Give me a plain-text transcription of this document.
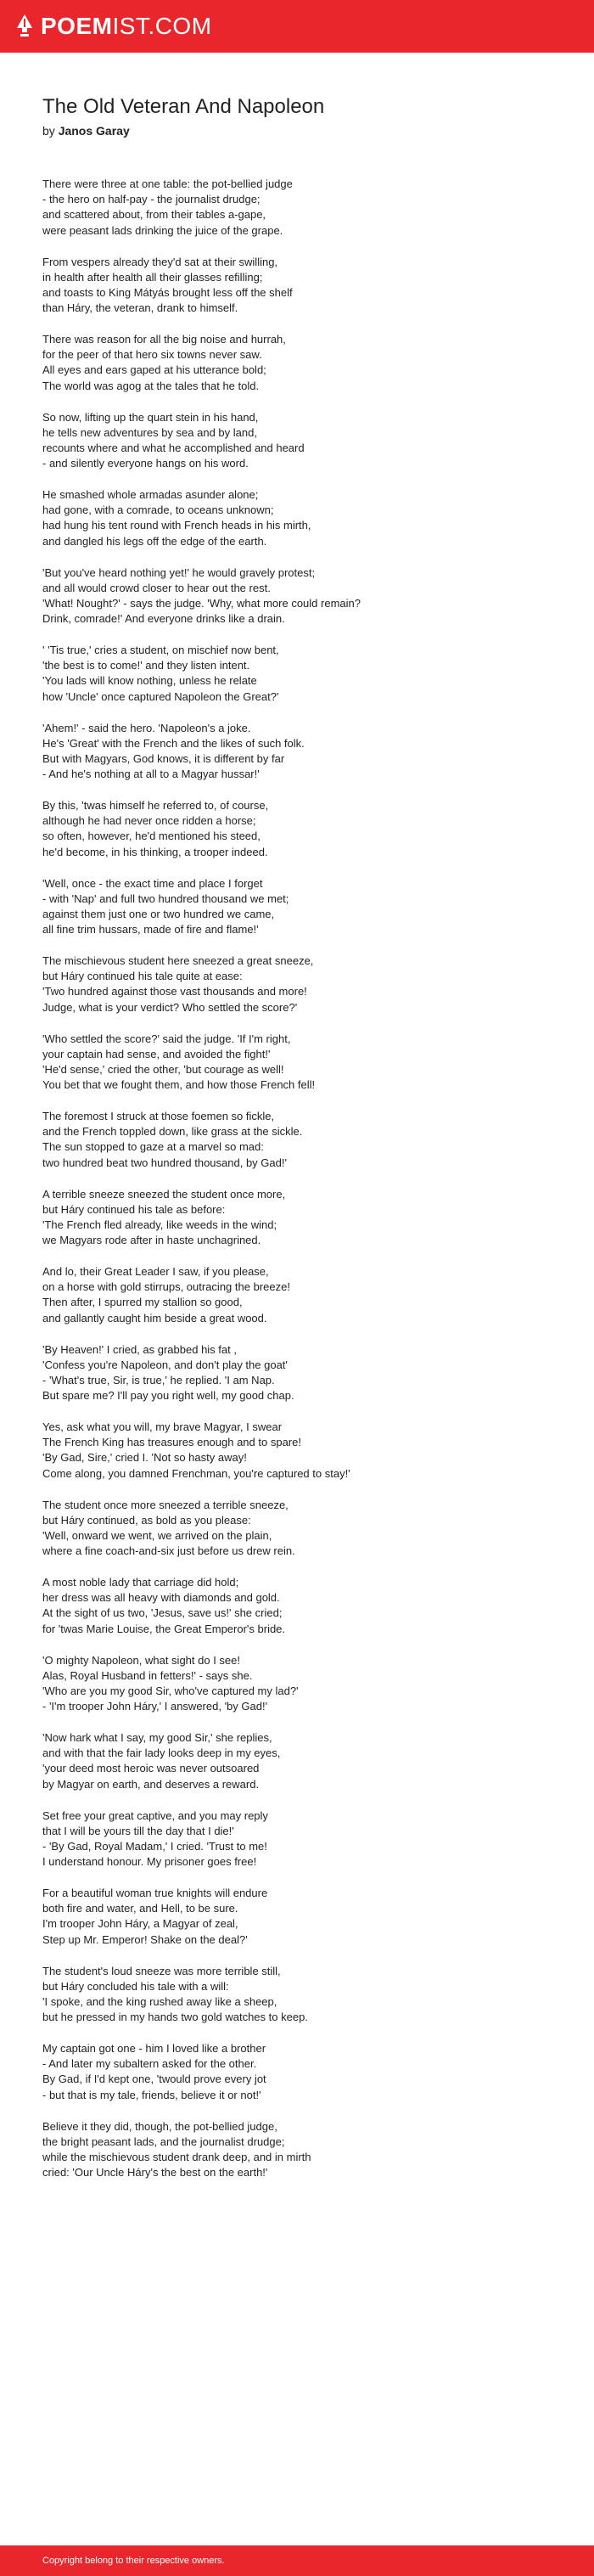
POEMIST.COM
The Old Veteran And Napoleon
by Janos Garay

There were three at one table: the pot-bellied judge
- the hero on half-pay - the journalist drudge;
and scattered about, from their tables a-gape,
were peasant lads drinking the juice of the grape.

From vespers already they'd sat at their swilling,
in health after health all their glasses refilling;
and toasts to King Mátyás brought less off the shelf
than Háry, the veteran, drank to himself.

There was reason for all the big noise and hurrah,
for the peer of that hero six towns never saw.
All eyes and ears gaped at his utterance bold;
The world was agog at the tales that he told.

So now, lifting up the quart stein in his hand,
he tells new adventures by sea and by land,
recounts where and what he accomplished and heard
- and silently everyone hangs on his word.

He smashed whole armadas asunder alone;
had gone, with a comrade, to oceans unknown;
had hung his tent round with French heads in his mirth,
and dangled his legs off the edge of the earth.

'But you've heard nothing yet!' he would gravely protest;
and all would crowd closer to hear out the rest.
'What! Nought?' - says the judge. 'Why, what more could remain?
Drink, comrade!' And everyone drinks like a drain.

' 'Tis true,' cries a student, on mischief now bent,
'the best is to come!' and they listen intent.
'You lads will know nothing, unless he relate
how 'Uncle' once captured Napoleon the Great?'

'Ahem!' - said the hero. 'Napoleon's a joke.
He's 'Great' with the French and the likes of such folk.
But with Magyars, God knows, it is different by far
- And he's nothing at all to a Magyar hussar!'

By this, 'twas himself he referred to, of course,
although he had never once ridden a horse;
so often, however, he'd mentioned his steed,
he'd become, in his thinking, a trooper indeed.

'Well, once - the exact time and place I forget
- with 'Nap' and full two hundred thousand we met;
against them just one or two hundred we came,
all fine trim hussars, made of fire and flame!'

The mischievous student here sneezed a great sneeze,
but Háry continued his tale quite at ease:
'Two hundred against those vast thousands and more!
Judge, what is your verdict? Who settled the score?'

'Who settled the score?' said the judge. 'If I'm right,
your captain had sense, and avoided the fight!'
'He'd sense,' cried the other, 'but courage as well!
You bet that we fought them, and how those French fell!

The foremost I struck at those foemen so fickle,
and the French toppled down, like grass at the sickle.
The sun stopped to gaze at a marvel so mad:
two hundred beat two hundred thousand, by Gad!'

A terrible sneeze sneezed the student once more,
but Háry continued his tale as before:
'The French fled already, like weeds in the wind;
we Magyars rode after in haste unchagrined.

And lo, their Great Leader I saw, if you please,
on a horse with gold stirrups, outracing the breeze!
Then after, I spurred my stallion so good,
and gallantly caught him beside a great wood.

'By Heaven!' I cried, as grabbed his fat ,
'Confess you're Napoleon, and don't play the goat'
- 'What's true, Sir, is true,' he replied. 'I am Nap.
But spare me? I'll pay you right well, my good chap.

Yes, ask what you will, my brave Magyar, I swear
The French King has treasures enough and to spare!
'By Gad, Sire,' cried I. 'Not so hasty away!
Come along, you damned Frenchman, you're captured to stay!'

The student once more sneezed a terrible sneeze,
but Háry continued, as bold as you please:
'Well, onward we went, we arrived on the plain,
where a fine coach-and-six just before us drew rein.

A most noble lady that carriage did hold;
her dress was all heavy with diamonds and gold.
At the sight of us two, 'Jesus, save us!' she cried;
for 'twas Marie Louise, the Great Emperor's bride.

'O mighty Napoleon, what sight do I see!
Alas, Royal Husband in fetters!' - says she.
'Who are you my good Sir, who've captured my lad?'
- 'I'm trooper John Háry,' I answered, 'by Gad!'

'Now hark what I say, my good Sir,' she replies,
and with that the fair lady looks deep in my eyes,
'your deed most heroic was never outsoared
by Magyar on earth, and deserves a reward.

Set free your great captive, and you may reply
that I will be yours till the day that I die!'
- 'By Gad, Royal Madam,' I cried. 'Trust to me!
I understand honour. My prisoner goes free!

For a beautiful woman true knights will endure
both fire and water, and Hell, to be sure.
I'm trooper John Háry, a Magyar of zeal,
Step up Mr. Emperor! Shake on the deal?'

The student's loud sneeze was more terrible still,
but Háry concluded his tale with a will:
'I spoke, and the king rushed away like a sheep,
but he pressed in my hands two gold watches to keep.

My captain got one - him I loved like a brother
- And later my subaltern asked for the other.
By Gad, if I'd kept one, 'twould prove every jot
- but that is my tale, friends, believe it or not!'

Believe it they did, though, the pot-bellied judge,
the bright peasant lads, and the journalist drudge;
while the mischievous student drank deep, and in mirth
cried: 'Our Uncle Háry's the best on the earth!'

Copyright belong to their respective owners.
